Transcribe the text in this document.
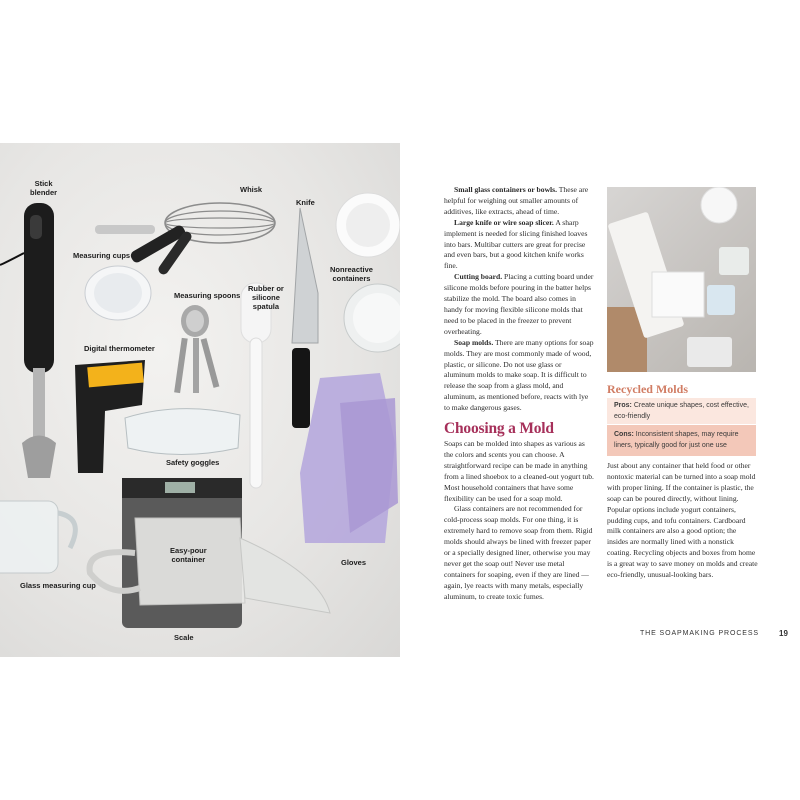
Stick
blender	Whisk
Knife
Measuring cups
Nonreactive
containers
Measuring spoons
Rubber or
silicone
spatula
Digital thermometer
Safety goggles
Easy-pour
container
Glass measuring cup
Gloves
Scale

Small glass containers or bowls. These are helpful for weighing out smaller amounts of additives, like extracts, ahead of time.

Large knife or wire soap slicer. A sharp implement is needed for slicing finished loaves into bars. Multibar cutters are great for precise and even bars, but a good kitchen knife works fine.

Cutting board. Placing a cutting board under silicone molds before pouring in the batter helps stabilize the mold. The board also comes in handy for moving flexible silicone molds that need to be placed in the freezer to prevent overheating.

Soap molds. There are many options for soap molds. They are most commonly made of wood, plastic, or silicone. Do not use glass or aluminum molds to make soap. It is difficult to release the soap from a glass mold, and aluminum, as mentioned before, reacts with lye to make dangerous gases.

Choosing a Mold

Soaps can be molded into shapes as various as the colors and scents you can choose. A straightforward recipe can be made in anything from a lined shoebox to a cleaned-out yogurt tub. Most household containers that have some flexibility can be used for a soap mold.

Glass containers are not recommended for cold-process soap molds. For one thing, it is extremely hard to remove soap from them. Rigid molds should always be lined with freezer paper or a specially designed liner, otherwise you may never get the soap out! Never use metal containers for soaping, even if they are lined — again, lye reacts with many metals, especially aluminum, to create toxic fumes.

Recycled Molds
Pros: Create unique shapes, cost effective, eco-friendly
Cons: Inconsistent shapes, may require liners, typically good for just one use

Just about any container that held food or other nontoxic material can be turned into a soap mold with proper lining. If the container is plastic, the soap can be poured directly, without lining. Popular options include yogurt containers, pudding cups, and tofu containers. Cardboard milk containers are also a good option; the insides are normally lined with a nonstick coating. Recycling objects and boxes from home is a great way to save money on molds and create eco-friendly, unusual-looking bars.

THE SOAPMAKING PROCESS	19
